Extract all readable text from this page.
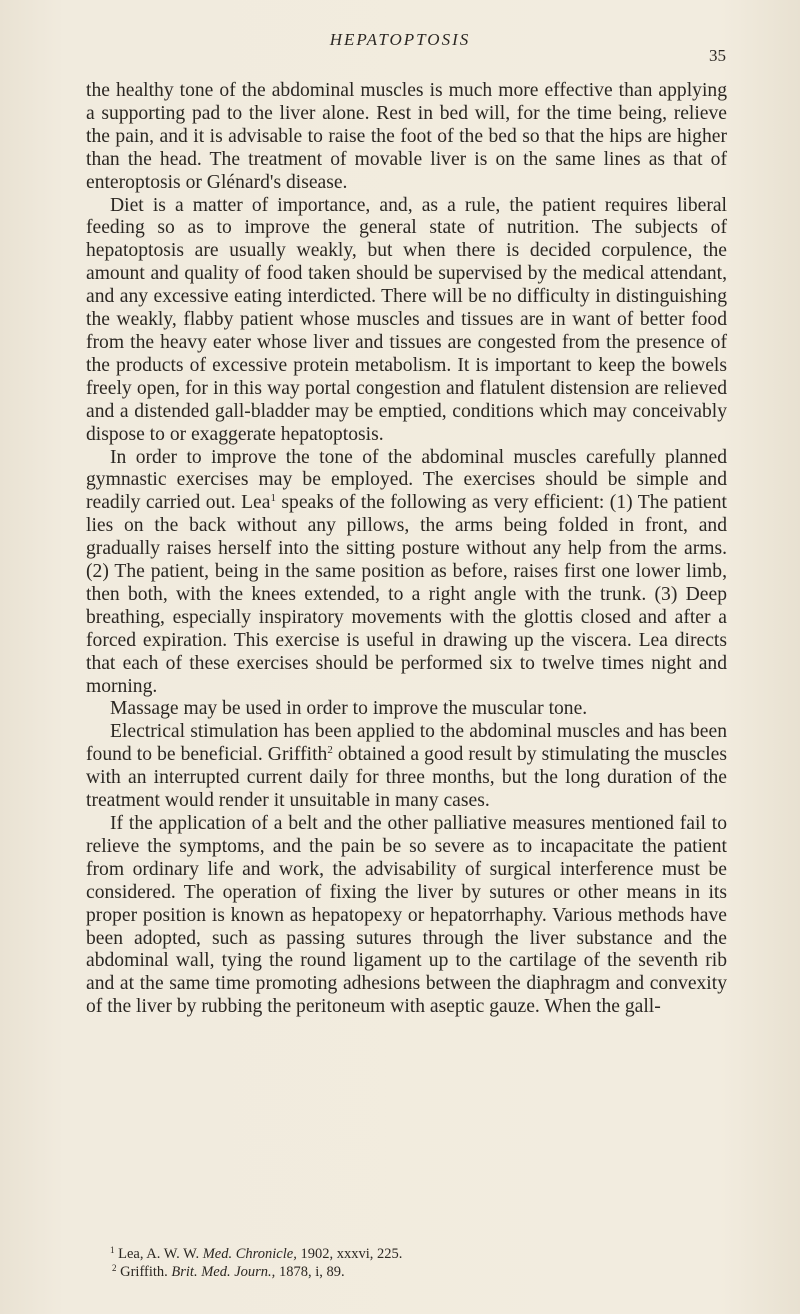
HEPATOPTOSIS
35

the healthy tone of the abdominal muscles is much more effective than applying a supporting pad to the liver alone. Rest in bed will, for the time being, relieve the pain, and it is advisable to raise the foot of the bed so that the hips are higher than the head. The treatment of movable liver is on the same lines as that of enteroptosis or Glénard's disease.

Diet is a matter of importance, and, as a rule, the patient requires liberal feeding so as to improve the general state of nutrition. The subjects of hepatoptosis are usually weakly, but when there is decided corpulence, the amount and quality of food taken should be supervised by the medical attendant, and any excessive eating interdicted. There will be no difficulty in distinguishing the weakly, flabby patient whose muscles and tissues are in want of better food from the heavy eater whose liver and tissues are congested from the presence of the products of excessive protein metabolism. It is important to keep the bowels freely open, for in this way portal congestion and flatulent distension are relieved and a distended gall-bladder may be emptied, conditions which may conceivably dispose to or exaggerate hepatoptosis.

In order to improve the tone of the abdominal muscles carefully planned gymnastic exercises may be employed. The exercises should be simple and readily carried out. Lea$^1$ speaks of the following as very efficient: (1) The patient lies on the back without any pillows, the arms being folded in front, and gradually raises herself into the sitting posture without any help from the arms. (2) The patient, being in the same position as before, raises first one lower limb, then both, with the knees extended, to a right angle with the trunk. (3) Deep breathing, especially inspiratory movements with the glottis closed and after a forced expiration. This exercise is useful in drawing up the viscera. Lea directs that each of these exercises should be performed six to twelve times night and morning.

Massage may be used in order to improve the muscular tone.

Electrical stimulation has been applied to the abdominal muscles and has been found to be beneficial. Griffith$^2$ obtained a good result by stimulating the muscles with an interrupted current daily for three months, but the long duration of the treatment would render it unsuitable in many cases.

If the application of a belt and the other palliative measures mentioned fail to relieve the symptoms, and the pain be so severe as to incapacitate the patient from ordinary life and work, the advisability of surgical interference must be considered. The operation of fixing the liver by sutures or other means in its proper position is known as hepatopexy or hepatorrhaphy. Various methods have been adopted, such as passing sutures through the liver substance and the abdominal wall, tying the round ligament up to the cartilage of the seventh rib and at the same time promoting adhesions between the diaphragm and convexity of the liver by rubbing the peritoneum with aseptic gauze. When the gall-

$^1$ Lea, A. W. W. Med. Chronicle, 1902, xxxvi, 225.

$^2$ Griffith. Brit. Med. Journ., 1878, i, 89.
